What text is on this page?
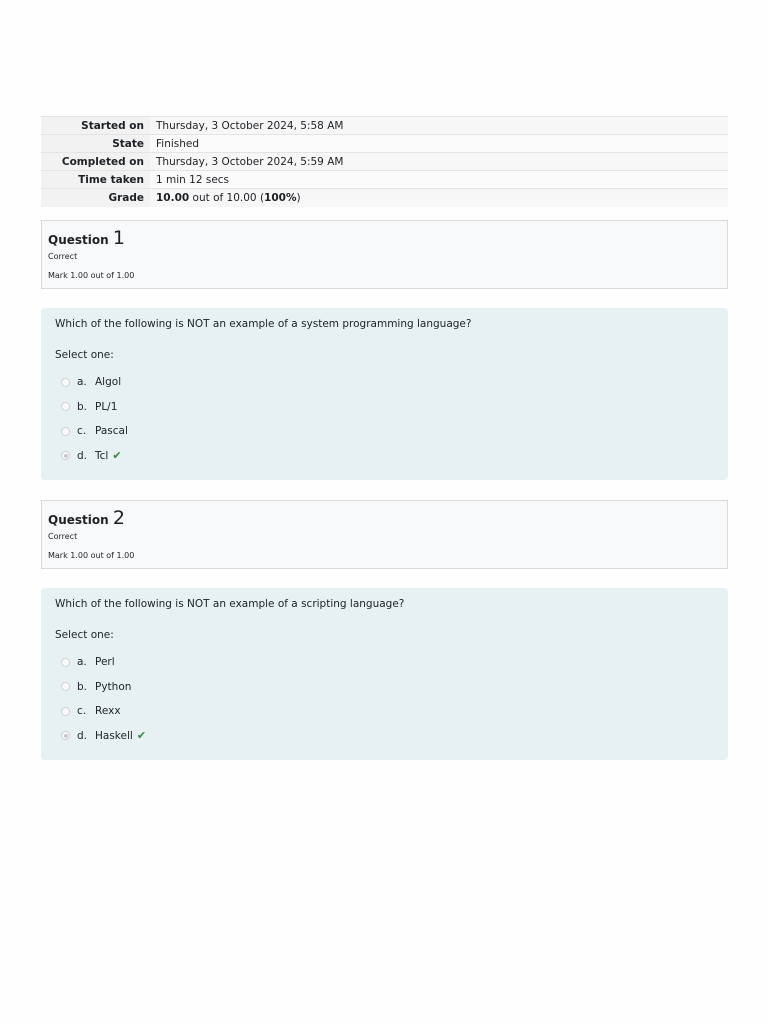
Started on	Thursday, 3 October 2024, 5:58 AM
State	Finished
Completed on	Thursday, 3 October 2024, 5:59 AM
Time taken	1 min 12 secs
Grade	10.00 out of 10.00 (100%)
Question 1
Correct
Mark 1.00 out of 1.00
Which of the following is NOT an example of a system programming language?
Select one:
a. Algol
b. PL/1
c. Pascal
d. Tcl ✔
Question 2
Correct
Mark 1.00 out of 1.00
Which of the following is NOT an example of a scripting language?
Select one:
a. Perl
b. Python
c. Rexx
d. Haskell ✔
